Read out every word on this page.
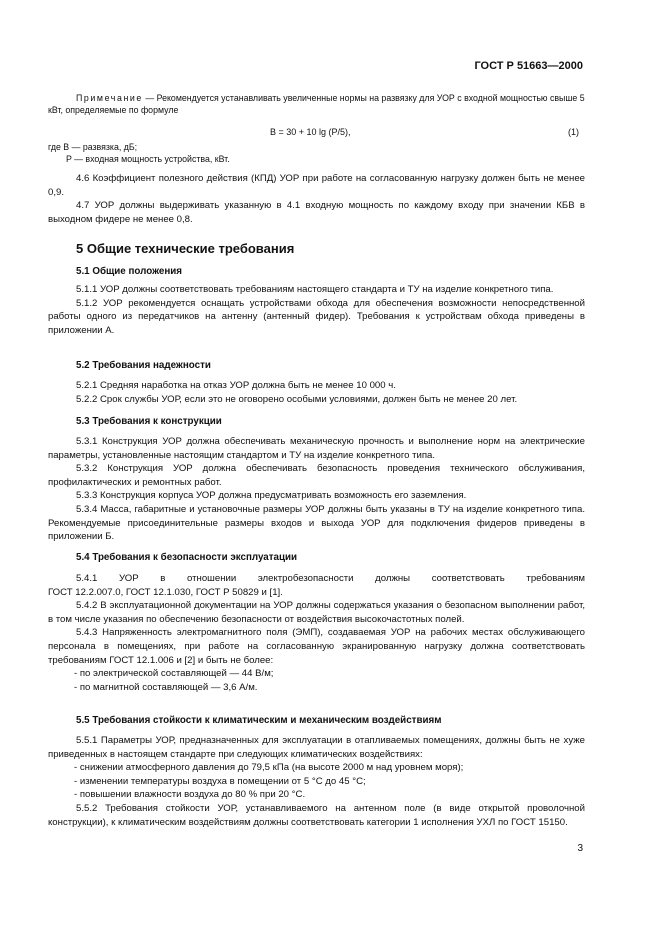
ГОСТ Р 51663—2000
Примечание — Рекомендуется устанавливать увеличенные нормы на развязку для УОР с входной мощностью свыше 5 кВт, определяемые по формуле
B = 30 + 10 lg (P/5),	(1)
где B — развязка, дБ;
P — входная мощность устройства, кВт.

4.6 Коэффициент полезного действия (КПД) УОР при работе на согласованную нагрузку должен быть не менее 0,9.

4.7 УОР должны выдерживать указанную в 4.1 входную мощность по каждому входу при значении КБВ в выходном фидере не менее 0,8.

5 Общие технические требования
5.1 Общие положения

5.1.1 УОР должны соответствовать требованиям настоящего стандарта и ТУ на изделие конкретного типа.

5.1.2 УОР рекомендуется оснащать устройствами обхода для обеспечения возможности непосредственной работы одного из передатчиков на антенну (антенный фидер). Требования к устройствам обхода приведены в приложении А.

5.2 Требования надежности

5.2.1 Средняя наработка на отказ УОР должна быть не менее 10 000 ч.

5.2.2 Срок службы УОР, если это не оговорено особыми условиями, должен быть не менее 20 лет.

5.3 Требования к конструкции

5.3.1 Конструкция УОР должна обеспечивать механическую прочность и выполнение норм на электрические параметры, установленные настоящим стандартом и ТУ на изделие конкретного типа.

5.3.2 Конструкция УОР должна обеспечивать безопасность проведения технического обслуживания, профилактических и ремонтных работ.

5.3.3 Конструкция корпуса УОР должна предусматривать возможность его заземления.

5.3.4 Масса, габаритные и установочные размеры УОР должны быть указаны в ТУ на изделие конкретного типа. Рекомендуемые присоединительные размеры входов и выхода УОР для подключения фидеров приведены в приложении Б.

5.4 Требования к безопасности эксплуатации

5.4.1 УОР в отношении электробезопасности должны соответствовать требованиям

ГОСТ 12.2.007.0, ГОСТ 12.1.030, ГОСТ Р 50829 и [1].

5.4.2 В эксплуатационной документации на УОР должны содержаться указания о безопасном выполнении работ, в том числе указания по обеспечению безопасности от воздействия высокочастотных полей.

5.4.3 Напряженность электромагнитного поля (ЭМП), создаваемая УОР на рабочих местах обслуживающего персонала в помещениях, при работе на согласованную экранированную нагрузку должна соответствовать требованиям ГОСТ 12.1.006 и [2] и быть не более:

- по электрической составляющей — 44 В/м;

- по магнитной составляющей — 3,6 А/м.

5.5 Требования стойкости к климатическим и механическим воздействиям

5.5.1 Параметры УОР, предназначенных для эксплуатации в отапливаемых помещениях, должны быть не хуже приведенных в настоящем стандарте при следующих климатических воздействиях:

- снижении атмосферного давления до 79,5 кПа (на высоте 2000 м над уровнем моря);

- изменении температуры воздуха в помещении от 5 °С до 45 °С;

- повышении влажности воздуха до 80 % при 20 °С.

5.5.2 Требования стойкости УОР, устанавливаемого на антенном поле (в виде открытой проволочной конструкции), к климатическим воздействиям должны соответствовать категории 1 исполнения УХЛ по ГОСТ 15150.

3
